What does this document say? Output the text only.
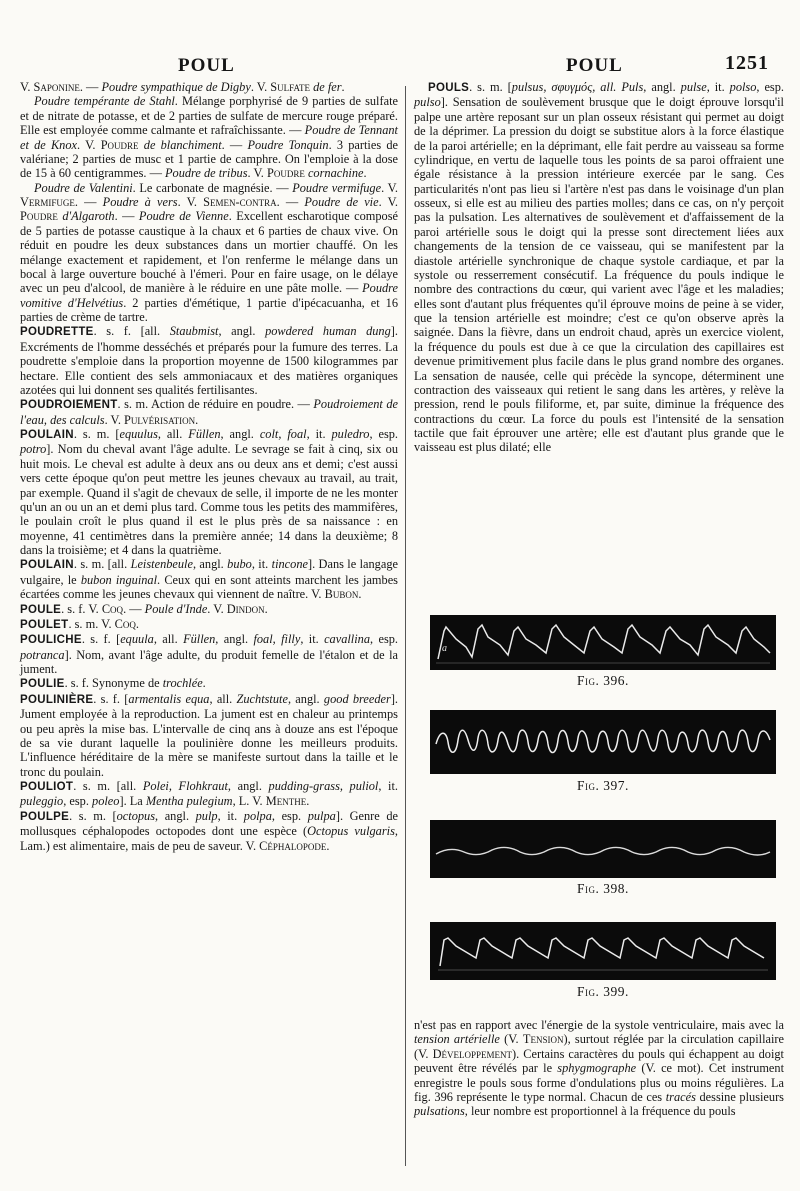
POUL	POUL	1251

V. Saponine. — Poudre sympathique de Digby. V. Sulfate de fer.

Poudre tempérante de Stahl. Mélange porphyrisé de 9 parties de sulfate et de nitrate de potasse, et de 2 parties de sulfate de mercure rouge préparé. Elle est employée comme calmante et rafraîchissante. — Poudre de Tennant et de Knox. V. Poudre de blanchiment. — Poudre Tonquin. 3 parties de valériane; 2 parties de musc et 1 partie de camphre. On l'emploie à la dose de 15 à 60 centigrammes. — Poudre de tribus. V. Poudre cornachine.

Poudre de Valentini. Le carbonate de magnésie. — Poudre vermifuge. V. Vermifuge. — Poudre à vers. V. Semen-contra. — Poudre de vie. V. Poudre d'Algaroth. — Poudre de Vienne. Excellent escharotique composé de 5 parties de potasse caustique à la chaux et 6 parties de chaux vive. On réduit en poudre les deux substances dans un mortier chauffé. On les mélange exactement et rapidement, et l'on renferme le mélange dans un bocal à large ouverture bouché à l'émeri. Pour en faire usage, on le délaye avec un peu d'alcool, de manière à le réduire en une pâte molle. — Poudre vomitive d'Helvétius. 2 parties d'émétique, 1 partie d'ipécacuanha, et 16 parties de crème de tartre.

POUDRETTE. s. f. [all. Staubmist, angl. powdered human dung]. Excréments de l'homme desséchés et préparés pour la fumure des terres. La poudrette s'emploie dans la proportion moyenne de 1500 kilogrammes par hectare. Elle contient des sels ammoniacaux et des matières organiques azotées qui lui donnent ses qualités fertilisantes.

POUDROIEMENT. s. m. Action de réduire en poudre. — Poudroiement de l'eau, des calculs. V. Pulvérisation.

POULAIN. s. m. [equulus, all. Füllen, angl. colt, foal, it. puledro, esp. potro]. Nom du cheval avant l'âge adulte. Le sevrage se fait à cinq, six ou huit mois. Le cheval est adulte à deux ans ou deux ans et demi; c'est aussi vers cette époque qu'on peut mettre les jeunes chevaux au travail, au trait, par exemple. Quand il s'agit de chevaux de selle, il importe de ne les monter qu'un an ou un an et demi plus tard. Comme tous les petits des mammifères, le poulain croît le plus quand il est le plus près de sa naissance : en moyenne, 41 centimètres dans la première année; 14 dans la deuxième; 8 dans la troisième; et 4 dans la quatrième.

POULAIN. s. m. [all. Leistenbeule, angl. bubo, it. tincone]. Dans le langage vulgaire, le bubon inguinal. Ceux qui en sont atteints marchent les jambes écartées comme les jeunes chevaux qui viennent de naître. V. Bubon.

POULE. s. f. V. Coq. — Poule d'Inde. V. Dindon.

POULET. s. m. V. Coq.

POULICHE. s. f. [equula, all. Füllen, angl. foal, filly, it. cavallina, esp. potranca]. Nom, avant l'âge adulte, du produit femelle de l'étalon et de la jument.

POULIE. s. f. Synonyme de trochlée.

POULINIÈRE. s. f. [armentalis equa, all. Zuchtstute, angl. good breeder]. Jument employée à la reproduction. La jument est en chaleur au printemps ou peu après la mise bas. L'intervalle de cinq ans à douze ans est l'époque de sa vie durant laquelle la poulinière donne les meilleurs produits. L'influence héréditaire de la mère se manifeste surtout dans la taille et le tronc du poulain.

POULIOT. s. m. [all. Polei, Flohkraut, angl. pudding-grass, puliol, it. puleggio, esp. poleo]. La Mentha pulegium, L. V. Menthe.

POULPE. s. m. [octopus, angl. pulp, it. polpa, esp. pulpa]. Genre de mollusques céphalopodes octopodes dont une espèce (Octopus vulgaris, Lam.) est alimentaire, mais de peu de saveur. V. Céphalopode.

POULS. s. m. [pulsus, σφυγμός, all. Puls, angl. pulse, it. polso, esp. pulso]. Sensation de soulèvement brusque que le doigt éprouve lorsqu'il palpe une artère reposant sur un plan osseux résistant qui permet au doigt de la déprimer. La pression du doigt se substitue alors à la force élastique de la paroi artérielle; en la déprimant, elle fait perdre au vaisseau sa forme cylindrique, en vertu de laquelle tous les points de sa paroi offraient une égale résistance à la pression intérieure exercée par le sang. Ces particularités n'ont pas lieu si l'artère n'est pas dans le voisinage d'un plan osseux, si elle est au milieu des parties molles; dans ce cas, on n'y perçoit pas la pulsation. Les alternatives de soulèvement et d'affaissement de la paroi artérielle sous le doigt qui la presse sont directement liées aux changements de la tension de ce vaisseau, qui se manifestent par la diastole artérielle synchronique de chaque systole cardiaque, et par la systole ou resserrement consécutif. La fréquence du pouls indique le nombre des contractions du cœur, qui varient avec l'âge et les maladies; elles sont d'autant plus fréquentes qu'il éprouve moins de peine à se vider, que la tension artérielle est moindre; c'est ce qu'on observe après la saignée. Dans la fièvre, dans un endroit chaud, après un exercice violent, la fréquence du pouls est due à ce que la circulation des capillaires est devenue primitivement plus facile dans le plus grand nombre des organes. La sensation de nausée, celle qui précède la syncope, déterminent une contraction des vaisseaux qui retient le sang dans les artères, y relève la pression, rend le pouls filiforme, et, par suite, diminue la fréquence des contractions du cœur. La force du pouls est l'intensité de la sensation tactile que fait éprouver une artère; elle est d'autant plus grande que le vaisseau est plus dilaté; elle

a
Fig. 396.
Fig. 397.
Fig. 398.
Fig. 399.

n'est pas en rapport avec l'énergie de la systole ventriculaire, mais avec la tension artérielle (V. Tension), surtout réglée par la circulation capillaire (V. Développement). Certains caractères du pouls qui échappent au doigt peuvent être révélés par le sphygmographe (V. ce mot). Cet instrument enregistre le pouls sous forme d'ondulations plus ou moins régulières. La fig. 396 représente le type normal. Chacun de ces tracés dessine plusieurs pulsations, leur nombre est proportionnel à la fréquence du pouls
